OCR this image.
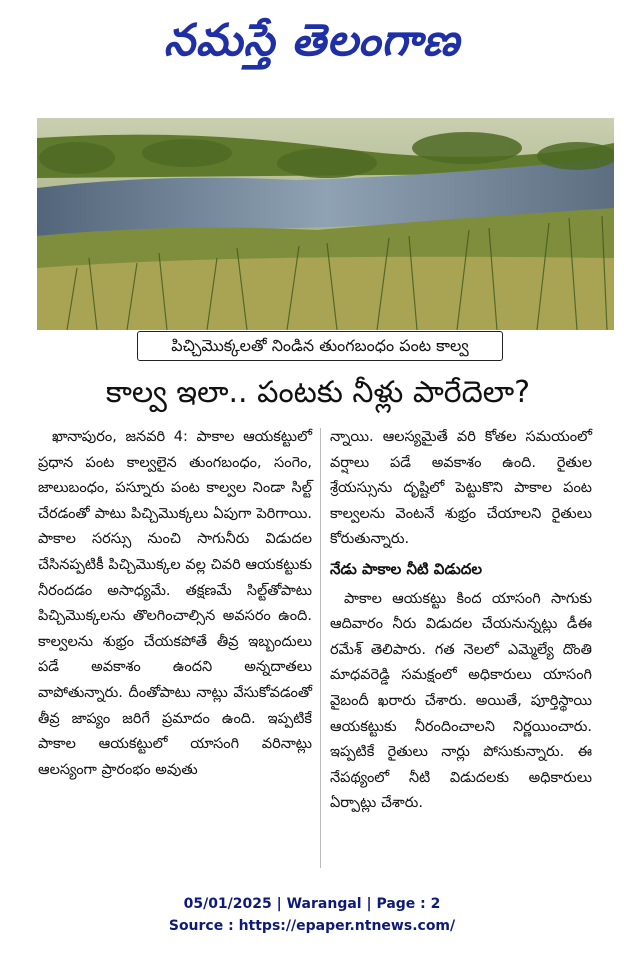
నమస్తే తెలంగాణ
పిచ్చిమొక్కలతో నిండిన తుంగబంధం పంట కాల్వ
కాల్వ ఇలా.. పంటకు నీళ్లు పారేదెలా?

ఖానాపురం, జనవరి 4: పాకాల ఆయకట్టులో ప్రధాన పంట కాల్వలైన తుంగబంధం, సంగెం, జాలుబంధం, పస్నూరు పంట కాల్వల నిండా సిల్ట్ చేరడంతో పాటు పిచ్చిమొక్కలు ఏపుగా పెరిగాయి. పాకాల సరస్సు నుంచి సాగునీరు విడుదల చేసినప్పటికీ పిచ్చిమొక్కల వల్ల చివరి ఆయకట్టుకు నీరందడం అసాధ్యమే. తక్షణమే సిల్ట్‌తోపాటు పిచ్చిమొక్కలను తొలగించాల్సిన అవసరం ఉంది. కాల్వలను శుభ్రం చేయకపోతే తీవ్ర ఇబ్బందులు పడే అవకాశం ఉందని అన్నదాతలు వాపోతున్నారు. దీంతోపాటు నాట్లు వేసుకోవడంతో తీవ్ర జాప్యం జరిగే ప్రమాదం ఉంది. ఇప్పటికే పాకాల ఆయకట్టులో యాసంగి వరినాట్లు ఆలస్యంగా ప్రారంభం అవుతు

న్నాయి. ఆలస్యమైతే వరి కోతల సమయంలో వర్షాలు పడే అవకాశం ఉంది. రైతుల శ్రేయస్సును దృష్టిలో పెట్టుకొని పాకాల పంట కాల్వలను వెంటనే శుభ్రం చేయాలని రైతులు కోరుతున్నారు.

నేడు పాకాల నీటి విడుదల

పాకాల ఆయకట్టు కింద యాసంగి సాగుకు ఆదివారం నీరు విడుదల చేయనున్నట్లు డీఈ రమేశ్ తెలిపారు. గత నెలలో ఎమ్మెల్యే దొంతి మాధవరెడ్డి సమక్షంలో అధికారులు యాసంగి వైబందీ ఖరారు చేశారు. అయితే, పూర్తిస్థాయి ఆయకట్టుకు నీరందించాలని నిర్ణయించారు. ఇప్పటికే రైతులు నార్లు పోసుకున్నారు. ఈ నేపథ్యంలో నీటి విడుదలకు అధికారులు ఏర్పాట్లు చేశారు.

05/01/2025 | Warangal | Page : 2
Source : https://epaper.ntnews.com/
